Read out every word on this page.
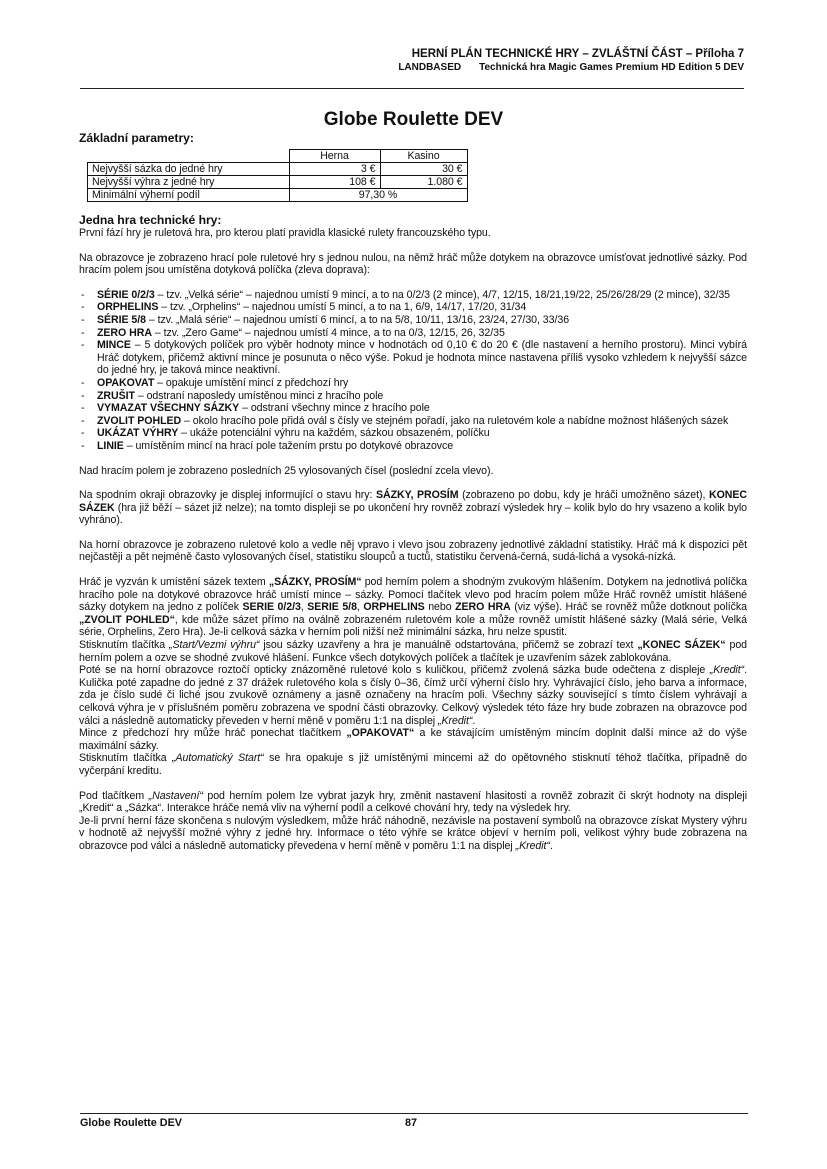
HERNÍ PLÁN TECHNICKÉ HRY – ZVLÁŠTNÍ ČÁST – Příloha 7
LANDBASED Technická hra Magic Games Premium HD Edition 5 DEV
Globe Roulette DEV
Základní parametry:
	Herna	Kasino
Nejvyšší sázka do jedné hry	3 €	30 €
Nejvyšší výhra z jedné hry	108 €	1.080 €
Minimální výherní podíl	97,30 %	
Jedna hra technické hry:

První fází hry je ruletová hra, pro kterou platí pravidla klasické rulety francouzského typu.

Na obrazovce je zobrazeno hrací pole ruletové hry s jednou nulou, na němž hráč může dotykem na obrazovce umísťovat jednotlivé sázky. Pod hracím polem jsou umístěna dotyková políčka (zleva doprava):

- SÉRIE 0/2/3 – tzv. „Velká série“ – najednou umístí 9 mincí, a to na 0/2/3 (2 mince), 4/7, 12/15, 18/21,19/22, 25/26/28/29 (2 mince), 32/35
- ORPHELINS – tzv. „Orphelins“ – najednou umístí 5 mincí, a to na 1, 6/9, 14/17, 17/20, 31/34
- SÉRIE 5/8 – tzv. „Malá série“ – najednou umístí 6 mincí, a to na 5/8, 10/11, 13/16, 23/24, 27/30, 33/36
- ZERO HRA – tzv. „Zero Game“ – najednou umístí 4 mince, a to na 0/3, 12/15, 26, 32/35
- MINCE – 5 dotykových políček pro výběr hodnoty mince v hodnotách od 0,10 € do 20 € (dle nastavení a herního prostoru). Minci vybírá Hráč dotykem, přičemž aktivní mince je posunuta o něco výše. Pokud je hodnota mince nastavena příliš vysoko vzhledem k nejvyšší sázce do jedné hry, je taková mince neaktivní.
- OPAKOVAT – opakuje umístění mincí z předchozí hry
- ZRUŠIT – odstraní naposledy umístěnou minci z hracího pole
- VYMAZAT VŠECHNY SÁZKY – odstraní všechny mince z hracího pole
- ZVOLIT POHLED – okolo hracího pole přidá ovál s čísly ve stejném pořadí, jako na ruletovém kole a nabídne možnost hlášených sázek
- UKÁZAT VÝHRY – ukáže potenciální výhru na každém, sázkou obsazeném, políčku
- LINIE – umístěním mincí na hrací pole tažením prstu po dotykové obrazovce

Nad hracím polem je zobrazeno posledních 25 vylosovaných čísel (poslední zcela vlevo).

Na spodním okraji obrazovky je displej informující o stavu hry: SÁZKY, PROSÍM (zobrazeno po dobu, kdy je hráči umožněno sázet), KONEC SÁZEK (hra již běží – sázet již nelze); na tomto displeji se po ukončení hry rovněž zobrazí výsledek hry – kolik bylo do hry vsazeno a kolik bylo vyhráno).

Na horní obrazovce je zobrazeno ruletové kolo a vedle něj vpravo i vlevo jsou zobrazeny jednotlivé základní statistiky. Hráč má k dispozici pět nejčastěji a pět nejméně často vylosovaných čísel, statistiku sloupců a tuctů, statistiku červená-černá, sudá-lichá a vysoká-nízká.

Hráč je vyzván k umístění sázek textem „SÁZKY, PROSÍM“ pod herním polem a shodným zvukovým hlášením. Dotykem na jednotlivá políčka hracího pole na dotykové obrazovce hráč umístí mince – sázky. Pomocí tlačítek vlevo pod hracím polem může Hráč rovněž umístit hlášené sázky dotykem na jedno z políček SERIE 0/2/3, SERIE 5/8, ORPHELINS nebo ZERO HRA (viz výše). Hráč se rovněž může dotknout políčka „ZVOLIT POHLED“, kde může sázet přímo na oválně zobrazeném ruletovém kole a může rovněž umístit hlášené sázky (Malá série, Velká série, Orphelins, Zero Hra). Je-li celková sázka v herním poli nižší než minimální sázka, hru nelze spustit.

Stisknutím tlačítka „Start/Vezmi výhru“ jsou sázky uzavřeny a hra je manuálně odstartována, přičemž se zobrazí text „KONEC SÁZEK“ pod herním polem a ozve se shodné zvukové hlášení. Funkce všech dotykových políček a tlačítek je uzavřením sázek zablokována.

Poté se na horní obrazovce roztočí opticky znázorněné ruletové kolo s kuličkou, přičemž zvolená sázka bude odečtena z displeje „Kredit“. Kulička poté zapadne do jedné z 37 drážek ruletového kola s čísly 0–36, čímž určí výherní číslo hry. Vyhrávající číslo, jeho barva a informace, zda je číslo sudé či liché jsou zvukově oznámeny a jasně označeny na hracím poli. Všechny sázky související s tímto číslem vyhrávají a celková výhra je v příslušném poměru zobrazena ve spodní části obrazovky. Celkový výsledek této fáze hry bude zobrazen na obrazovce pod válci a následně automaticky převeden v herní měně v poměru 1:1 na displej „Kredit“.

Mince z předchozí hry může hráč ponechat tlačítkem „OPAKOVAT“ a ke stávajícím umístěným mincím doplnit další mince až do výše maximální sázky.

Stisknutím tlačítka „Automatický Start“ se hra opakuje s již umístěnými mincemi až do opětovného stisknutí téhož tlačítka, případně do vyčerpání kreditu.

Pod tlačítkem „Nastavení“ pod herním polem lze vybrat jazyk hry, změnit nastavení hlasitosti a rovněž zobrazit či skrýt hodnoty na displeji „Kredit“ a „Sázka“. Interakce hráče nemá vliv na výherní podíl a celkové chování hry, tedy na výsledek hry.

Je-li první herní fáze skončena s nulovým výsledkem, může hráč náhodně, nezávisle na postavení symbolů na obrazovce získat Mystery výhru v hodnotě až nejvyšší možné výhry z jedné hry. Informace o této výhře se krátce objeví v herním poli, velikost výhry bude zobrazena na obrazovce pod válci a následně automaticky převedena v herní měně v poměru 1:1 na displej „Kredit“.

Globe Roulette DEV	87
